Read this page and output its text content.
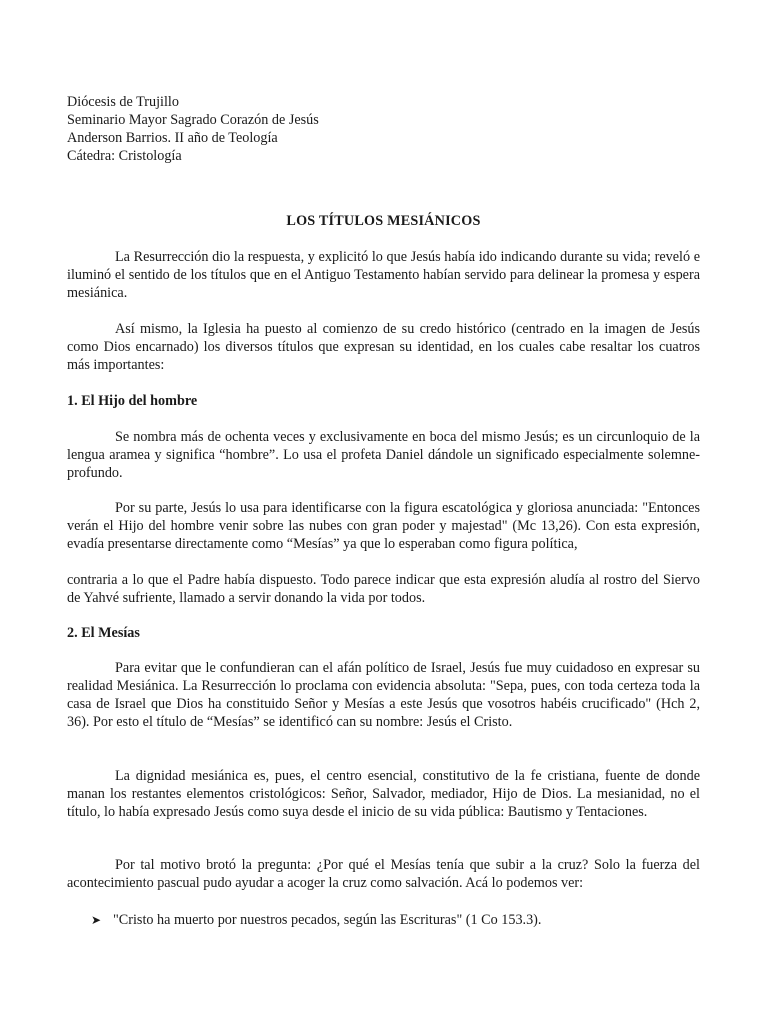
Diócesis de Trujillo
Seminario Mayor Sagrado Corazón de Jesús
Anderson Barrios. II año de Teología
Cátedra: Cristología
LOS TÍTULOS MESIÁNICOS
La Resurrección dio la respuesta, y explicitó lo que Jesús había ido indicando durante su vida; reveló e iluminó el sentido de los títulos que en el Antiguo Testamento habían servido para delinear la promesa y espera mesiánica.
Así mismo, la Iglesia ha puesto al comienzo de su credo histórico (centrado en la imagen de Jesús como Dios encarnado) los diversos títulos que expresan su identidad, en los cuales cabe resaltar los cuatros más importantes:
1. El Hijo del hombre
Se nombra más de ochenta veces y exclusivamente en boca del mismo Jesús; es un circunloquio de la lengua aramea y significa “hombre”. Lo usa el profeta Daniel dándole un significado especialmente solemne-profundo.
Por su parte, Jesús lo usa para identificarse con la figura escatológica y gloriosa anunciada: "Entonces verán el Hijo del hombre venir sobre las nubes con gran poder y majestad" (Mc 13,26). Con esta expresión, evadía presentarse directamente como “Mesías” ya que lo esperaban como figura política,
contraria a lo que el Padre había dispuesto. Todo parece indicar que esta expresión aludía al rostro del Siervo de Yahvé sufriente, llamado a servir donando la vida por todos.
2. El Mesías
Para evitar que le confundieran can el afán político de Israel, Jesús fue muy cuidadoso en expresar su realidad Mesiánica. La Resurrección lo proclama con evidencia absoluta: "Sepa, pues, con toda certeza toda la casa de Israel que Dios ha constituido Señor y Mesías a este Jesús que vosotros habéis crucificado" (Hch 2, 36). Por esto el título de “Mesías” se identificó can su nombre: Jesús el Cristo.
La dignidad mesiánica es, pues, el centro esencial, constitutivo de la fe cristiana, fuente de donde manan los restantes elementos cristológicos: Señor, Salvador, mediador, Hijo de Dios. La mesianidad, no el título, lo había expresado Jesús como suya desde el inicio de su vida pública: Bautismo y Tentaciones.
Por tal motivo brotó la pregunta: ¿Por qué el Mesías tenía que subir a la cruz? Solo la fuerza del acontecimiento pascual pudo ayudar a acoger la cruz como salvación. Acá lo podemos ver:
➤ "Cristo ha muerto por nuestros pecados, según las Escrituras" (1 Co 153.3).
